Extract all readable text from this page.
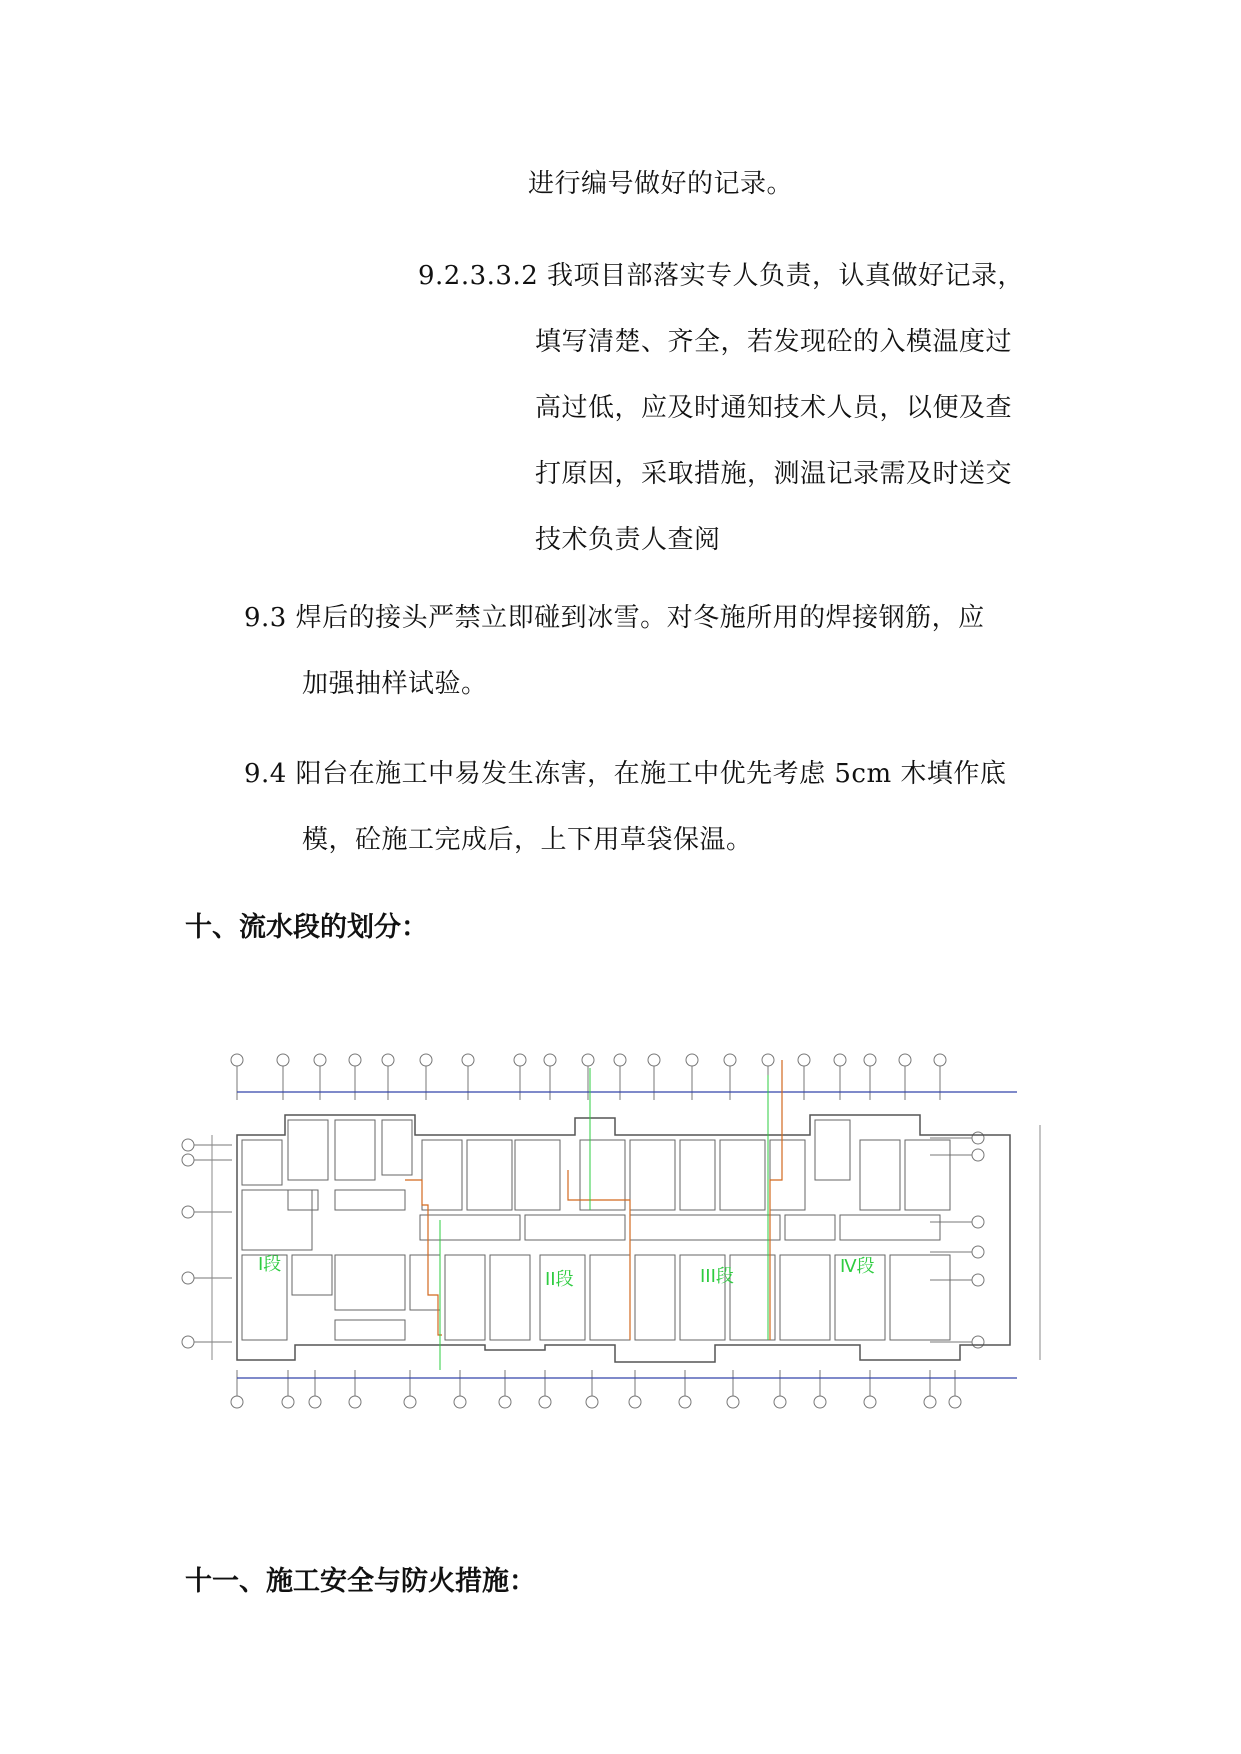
进行编号做好的记录。
9.2.3.3.2 我项目部落实专人负责，认真做好记录，
填写清楚、齐全，若发现砼的入模温度过
高过低，应及时通知技术人员，以便及查
打原因，采取措施，测温记录需及时送交
技术负责人查阅
9.3 焊后的接头严禁立即碰到冰雪。对冬施所用的焊接钢筋，应
加强抽样试验。
9.4 阳台在施工中易发生冻害，在施工中优先考虑 5cm 木填作底
模，砼施工完成后，上下用草袋保温。
十、流水段的划分：
I段
II段	III段	Ⅳ段
十一、施工安全与防火措施：
